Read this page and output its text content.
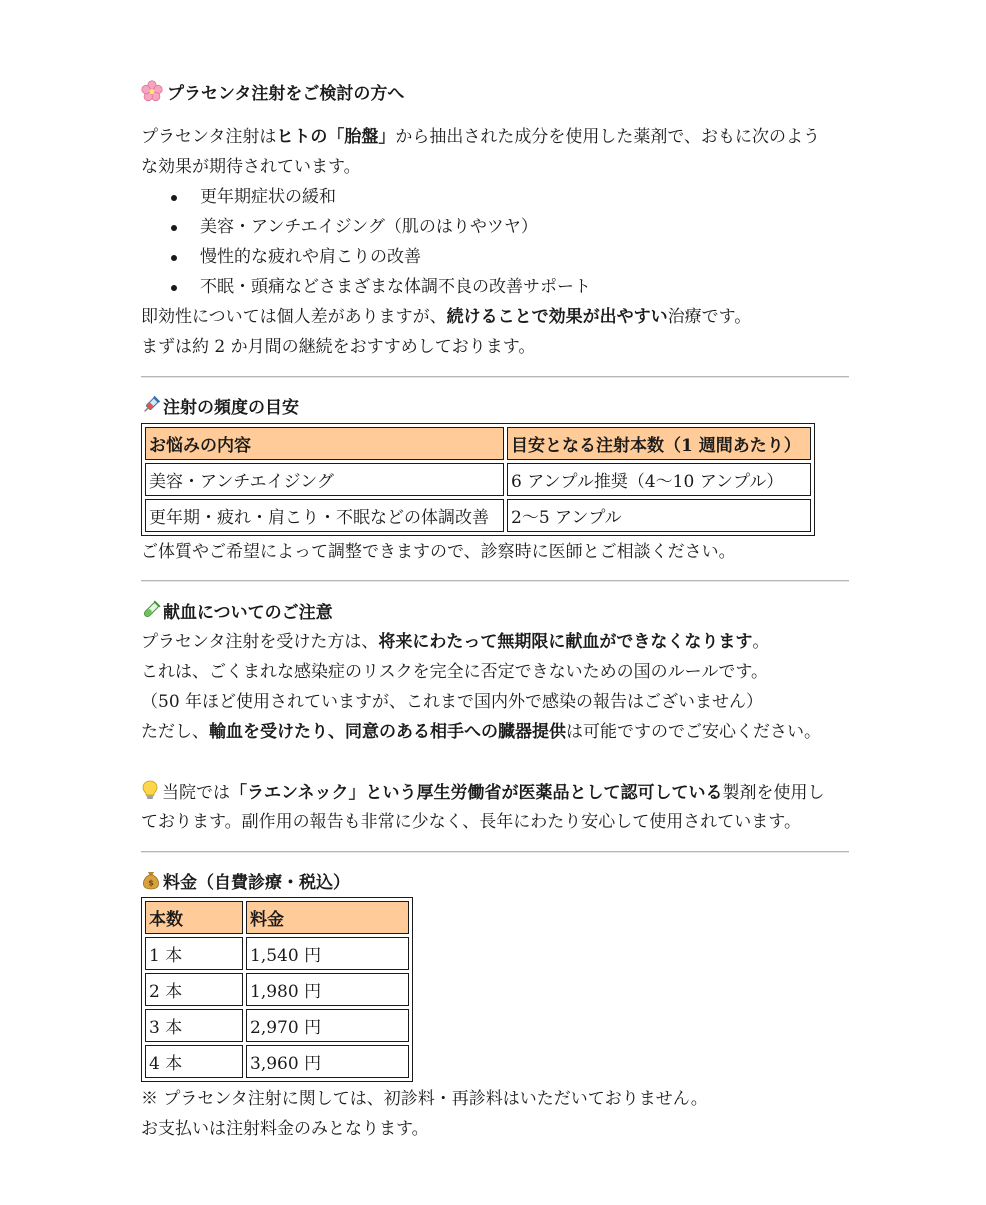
プラセンタ注射をご検討の方へ
プラセンタ注射はヒトの「胎盤」から抽出された成分を使用した薬剤で、おもに次のよう
な効果が期待されています。
更年期症状の緩和
美容・アンチエイジング（肌のはりやツヤ）
慢性的な疲れや肩こりの改善
不眠・頭痛などさまざまな体調不良の改善サポート
即効性については個人差がありますが、続けることで効果が出やすい治療です。
まずは約 2 か月間の継続をおすすめしております。
注射の頻度の目安
お悩みの内容	目安となる注射本数（1 週間あたり）
美容・アンチエイジング	6 アンプル推奨（4〜10 アンプル）
更年期・疲れ・肩こり・不眠などの体調改善	2〜5 アンプル
ご体質やご希望によって調整できますので、診察時に医師とご相談ください。
献血についてのご注意
プラセンタ注射を受けた方は、将来にわたって無期限に献血ができなくなります。
これは、ごくまれな感染症のリスクを完全に否定できないための国のルールです。
（50 年ほど使用されていますが、これまで国内外で感染の報告はございません）
ただし、輸血を受けたり、同意のある相手への臓器提供は可能ですのでご安心ください。
当院では「ラエンネック」という厚生労働省が医薬品として認可している製剤を使用し
ております。副作用の報告も非常に少なく、長年にわたり安心して使用されています。
$ 料金（自費診療・税込）
本数	料金
1 本	1,540 円
2 本	1,980 円
3 本	2,970 円
4 本	3,960 円
※ プラセンタ注射に関しては、初診料・再診料はいただいておりません。
お支払いは注射料金のみとなります。
